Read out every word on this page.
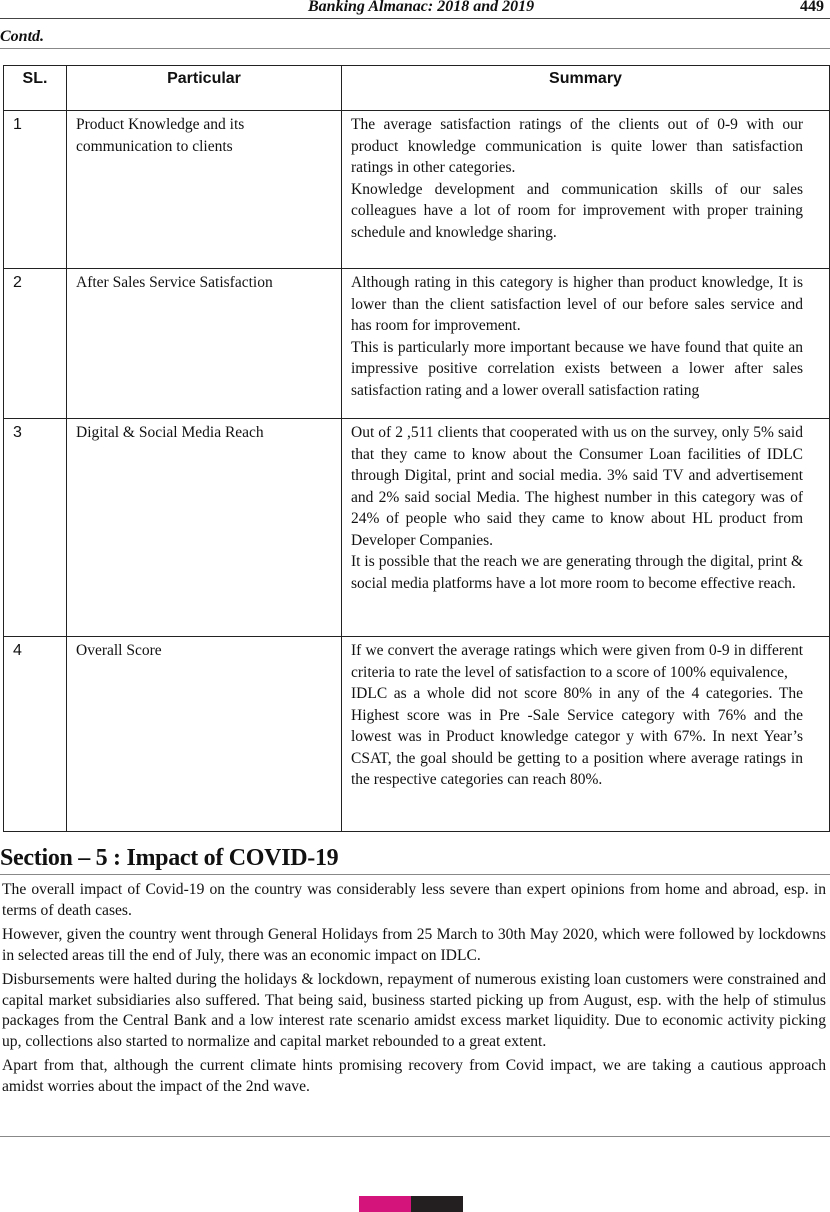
Banking Almanac: 2018 and 2019	449
Contd.
SL.	Particular	Summary
1	Product Knowledge and its communication to clients	The average satisfaction ratings of the clients out of 0-9 with our product knowledge communication is quite lower than satisfaction ratings in other categories.

Knowledge development and communication skills of our sales colleagues have a lot of room for improvement with proper training schedule and knowledge sharing.

2	After Sales Service Satisfaction	Although rating in this category is higher than product knowledge, It is lower than the client satisfaction level of our before sales service and has room for improvement.

This is particularly more important because we have found that quite an impressive positive correlation exists between a lower after sales satisfaction rating and a lower overall satisfaction rating

3	Digital & Social Media Reach	Out of 2 ,511 clients that cooperated with us on the survey, only 5% said that they came to know about the Consumer Loan facilities of IDLC through Digital, print and social media. 3% said TV and advertisement and 2% said social Media. The highest number in this category was of 24% of people who said they came to know about HL product from Developer Companies.

It is possible that the reach we are generating through the digital, print & social media platforms have a lot more room to become effective reach.

4	Overall Score	If we convert the average ratings which were given from 0-9 in different criteria to rate the level of satisfaction to a score of 100% equivalence,

IDLC as a whole did not score 80% in any of the 4 categories. The Highest score was in Pre -Sale Service category with 76% and the lowest was in Product knowledge categor y with 67%. In next Year’s CSAT, the goal should be getting to a position where average ratings in the respective categories can reach 80%.

Section – 5 : Impact of COVID-19

The overall impact of Covid-19 on the country was considerably less severe than expert opinions from home and abroad, esp. in terms of death cases.

However, given the country went through General Holidays from 25 March to 30th May 2020, which were followed by lockdowns in selected areas till the end of July, there was an economic impact on IDLC.

Disbursements were halted during the holidays & lockdown, repayment of numerous existing loan customers were constrained and capital market subsidiaries also suffered. That being said, business started picking up from August, esp. with the help of stimulus packages from the Central Bank and a low interest rate scenario amidst excess market liquidity. Due to economic activity picking up, collections also started to normalize and capital market rebounded to a great extent.

Apart from that, although the current climate hints promising recovery from Covid impact, we are taking a cautious approach amidst worries about the impact of the 2nd wave.
